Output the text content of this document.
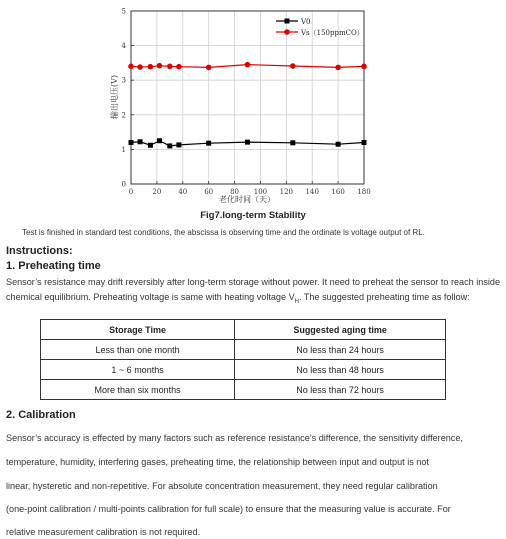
0	20 40 60 80 100 120 140 160 180
0
1
2
3
4
5
V0
Vs（150ppmCO）
输出电压(V)
老化时间（天）
Fig7.long-term Stability
Test is finished in standard test conditions, the abscissa is observing time and the ordinate is voltage output of RL.
Instructions:
1. Preheating time
Sensor’s resistance may drift reversibly after long-term storage without power. It need to preheat the sensor to reach inside chemical equilibrium. Preheating voltage is same with heating voltage $V_H$. The suggested preheating time as follow:
Storage Time	Suggested aging time
Less than one month	No less than 24 hours
1 ~ 6 months	No less than 48 hours
More than six months	No less than 72 hours
2. Calibration
Sensor’s accuracy is effected by many factors such as reference resistance’s difference, the sensitivity difference,
temperature, humidity, interfering gases, preheating time, the relationship between input and output is not
linear, hysteretic and non-repetitive. For absolute concentration measurement, they need regular calibration
(one-point calibration / multi-points calibration for full scale) to ensure that the measuring value is accurate. For
relative measurement calibration is not required.
